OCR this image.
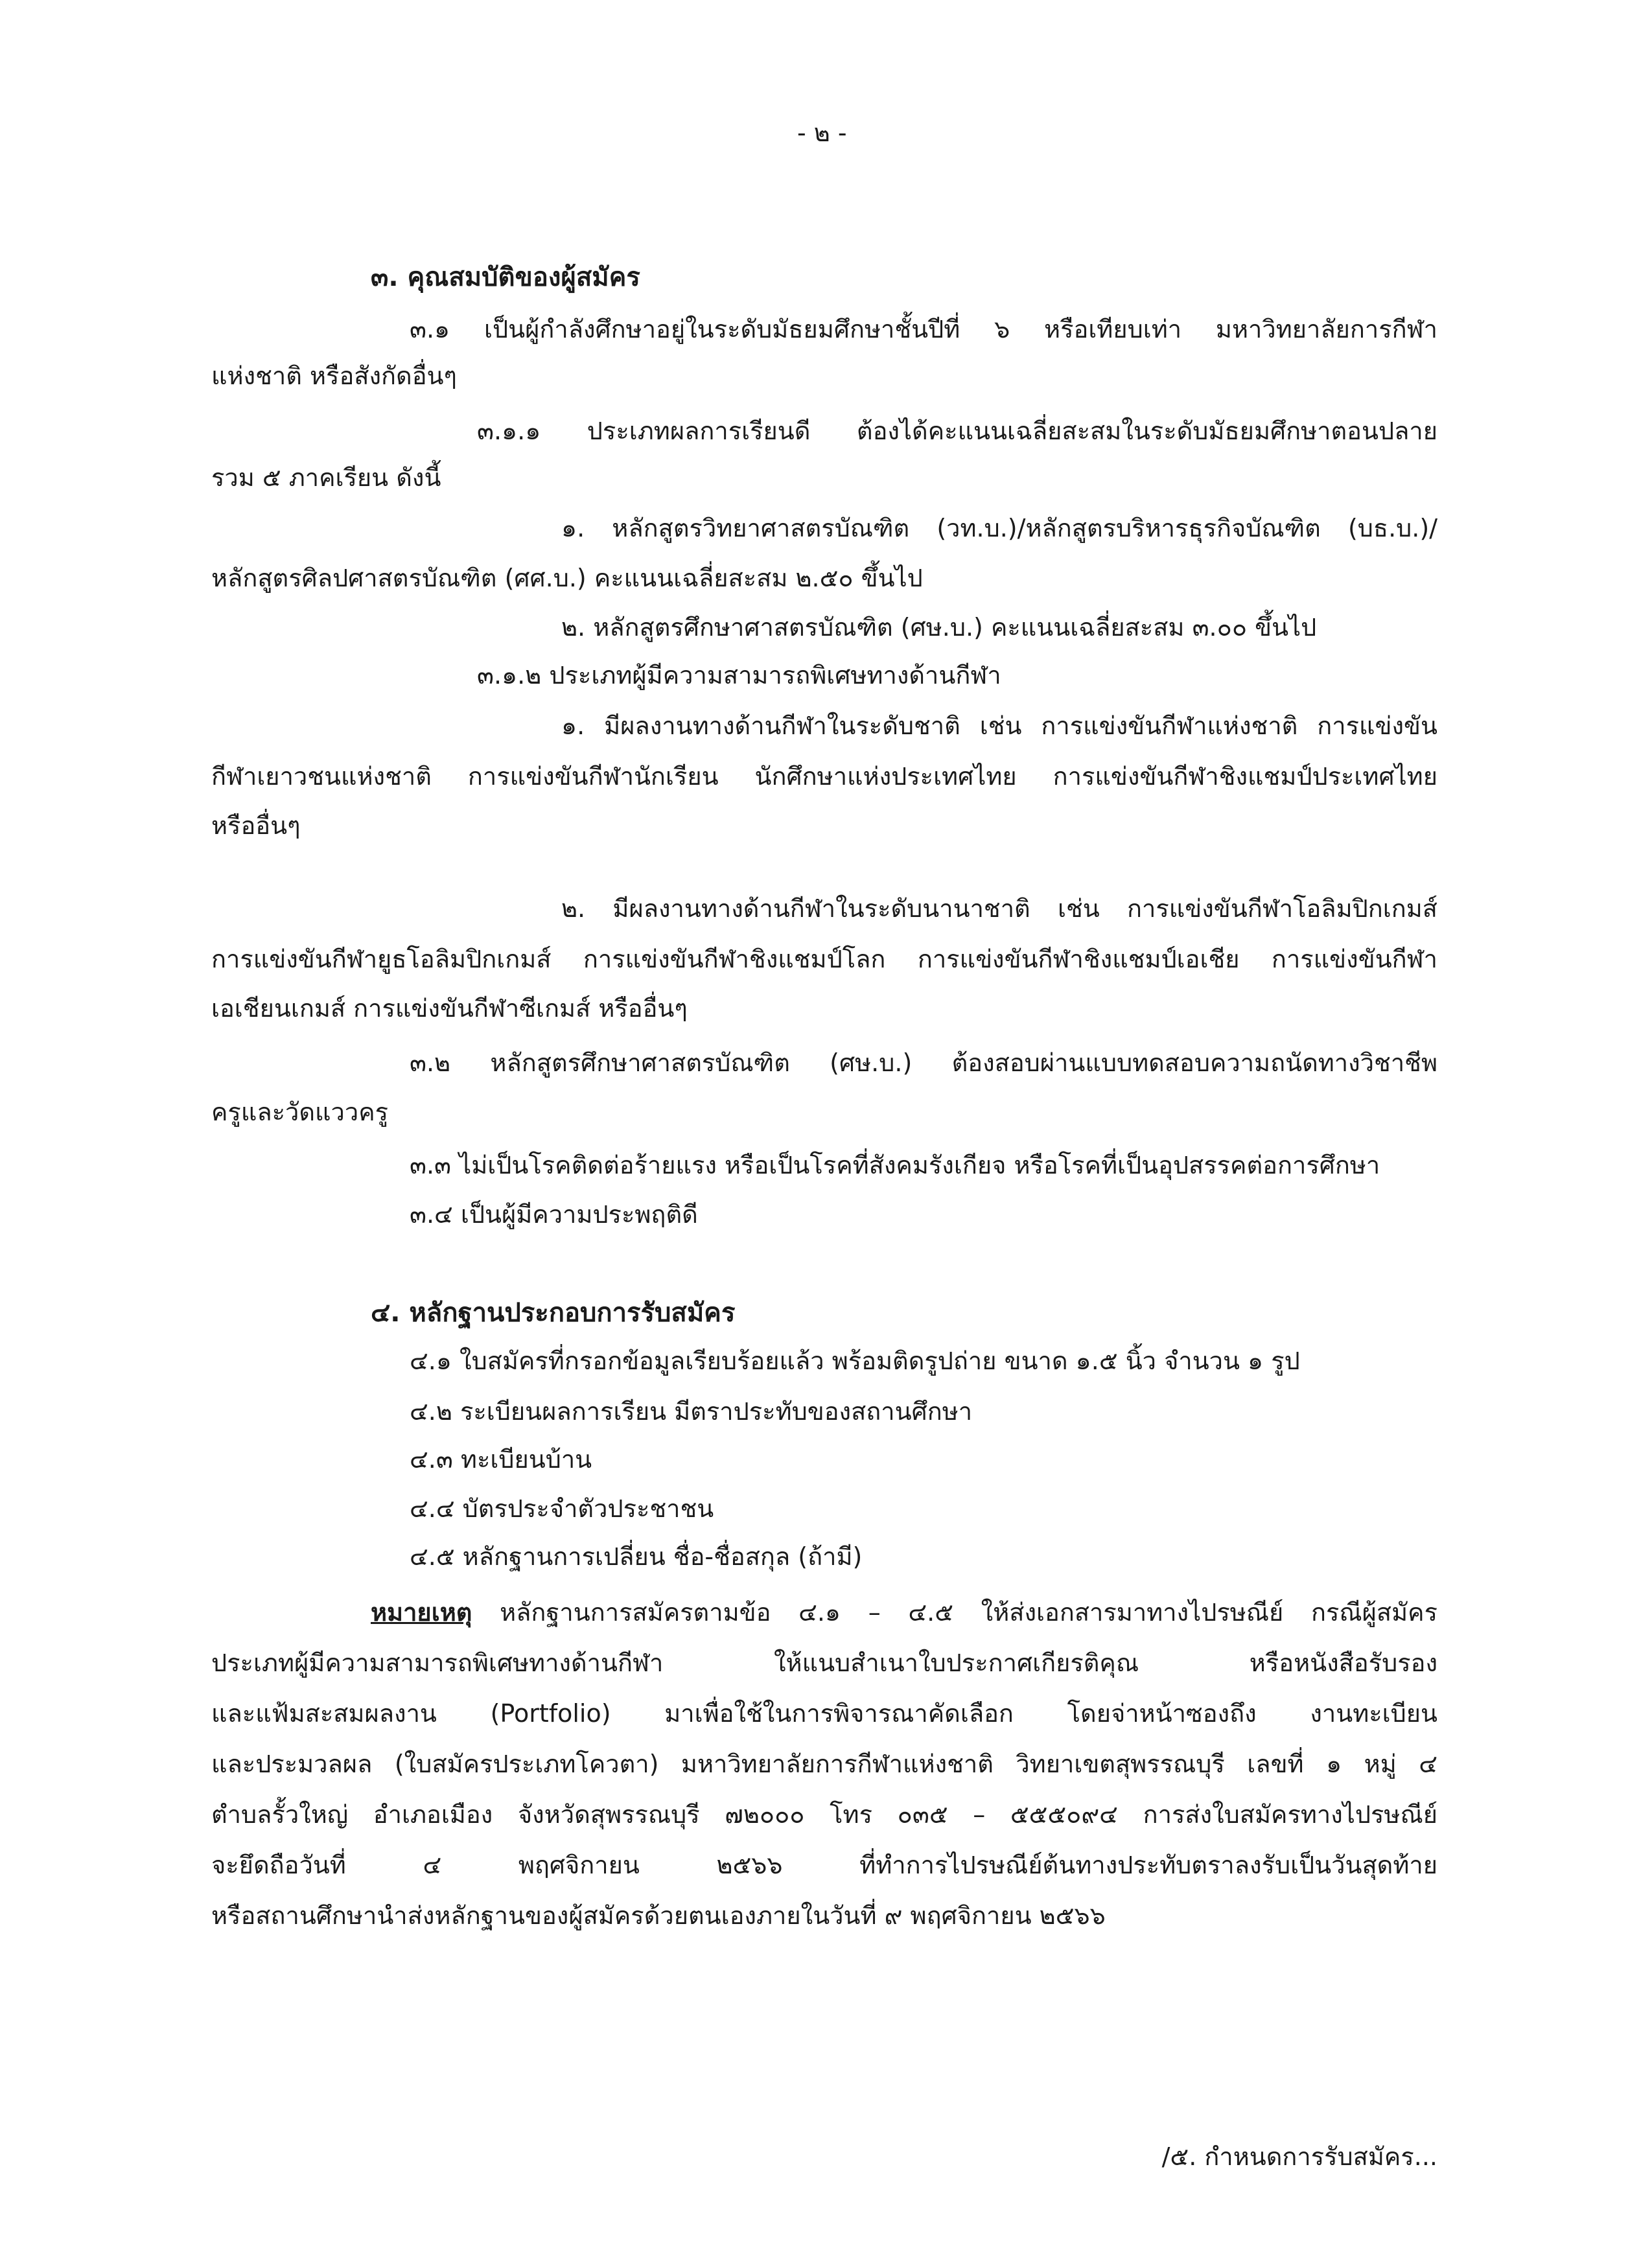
- ๒ -
๓. คุณสมบัติของผู้สมัคร
๓.๑ เป็นผู้กำลังศึกษาอยู่ในระดับมัธยมศึกษาชั้นปีที่ ๖ หรือเทียบเท่า มหาวิทยาลัยการกีฬา
แห่งชาติ หรือสังกัดอื่นๆ
๓.๑.๑ ประเภทผลการเรียนดี ต้องได้คะแนนเฉลี่ยสะสมในระดับมัธยมศึกษาตอนปลาย
รวม ๕ ภาคเรียน ดังนี้
๑. หลักสูตรวิทยาศาสตรบัณฑิต (วท.บ.)/หลักสูตรบริหารธุรกิจบัณฑิต (บธ.บ.)/
หลักสูตรศิลปศาสตรบัณฑิต (ศศ.บ.) คะแนนเฉลี่ยสะสม ๒.๕๐ ขึ้นไป
๒. หลักสูตรศึกษาศาสตรบัณฑิต (ศษ.บ.) คะแนนเฉลี่ยสะสม ๓.๐๐ ขึ้นไป
๓.๑.๒ ประเภทผู้มีความสามารถพิเศษทางด้านกีฬา
๑. มีผลงานทางด้านกีฬาในระดับชาติ เช่น การแข่งขันกีฬาแห่งชาติ การแข่งขัน
กีฬาเยาวชนแห่งชาติ การแข่งขันกีฬานักเรียน นักศึกษาแห่งประเทศไทย การแข่งขันกีฬาชิงแชมป์ประเทศไทย
หรืออื่นๆ
๒. มีผลงานทางด้านกีฬาในระดับนานาชาติ เช่น การแข่งขันกีฬาโอลิมปิกเกมส์
การแข่งขันกีฬายูธโอลิมปิกเกมส์ การแข่งขันกีฬาชิงแชมป์โลก การแข่งขันกีฬาชิงแชมป์เอเชีย การแข่งขันกีฬา
เอเชียนเกมส์ การแข่งขันกีฬาซีเกมส์ หรืออื่นๆ
๓.๒ หลักสูตรศึกษาศาสตรบัณฑิต (ศษ.บ.) ต้องสอบผ่านแบบทดสอบความถนัดทางวิชาชีพ
ครูและวัดแววครู
๓.๓ ไม่เป็นโรคติดต่อร้ายแรง หรือเป็นโรคที่สังคมรังเกียจ หรือโรคที่เป็นอุปสรรคต่อการศึกษา
๓.๔ เป็นผู้มีความประพฤติดี
๔. หลักฐานประกอบการรับสมัคร
๔.๑ ใบสมัครที่กรอกข้อมูลเรียบร้อยแล้ว พร้อมติดรูปถ่าย ขนาด ๑.๕ นิ้ว จำนวน ๑ รูป
๔.๒ ระเบียนผลการเรียน มีตราประทับของสถานศึกษา
๔.๓ ทะเบียนบ้าน
๔.๔ บัตรประจำตัวประชาชน
๔.๕ หลักฐานการเปลี่ยน ชื่อ-ชื่อสกุล (ถ้ามี)
หมายเหตุ หลักฐานการสมัครตามข้อ ๔.๑ – ๔.๕ ให้ส่งเอกสารมาทางไปรษณีย์ กรณีผู้สมัคร
ประเภทผู้มีความสามารถพิเศษทางด้านกีฬา ให้แนบสำเนาใบประกาศเกียรติคุณ หรือหนังสือรับรอง
และแฟ้มสะสมผลงาน (Portfolio) มาเพื่อใช้ในการพิจารณาคัดเลือก โดยจ่าหน้าซองถึง งานทะเบียน
และประมวลผล (ใบสมัครประเภทโควตา) มหาวิทยาลัยการกีฬาแห่งชาติ วิทยาเขตสุพรรณบุรี เลขที่ ๑ หมู่ ๔
ตำบลรั้วใหญ่ อำเภอเมือง จังหวัดสุพรรณบุรี ๗๒๐๐๐ โทร ๐๓๕ – ๕๕๕๐๙๔ การส่งใบสมัครทางไปรษณีย์
จะยึดถือวันที่ ๔ พฤศจิกายน ๒๕๖๖ ที่ทำการไปรษณีย์ต้นทางประทับตราลงรับเป็นวันสุดท้าย
หรือสถานศึกษานำส่งหลักฐานของผู้สมัครด้วยตนเองภายในวันที่ ๙ พฤศจิกายน ๒๕๖๖
/๕. กำหนดการรับสมัคร...
